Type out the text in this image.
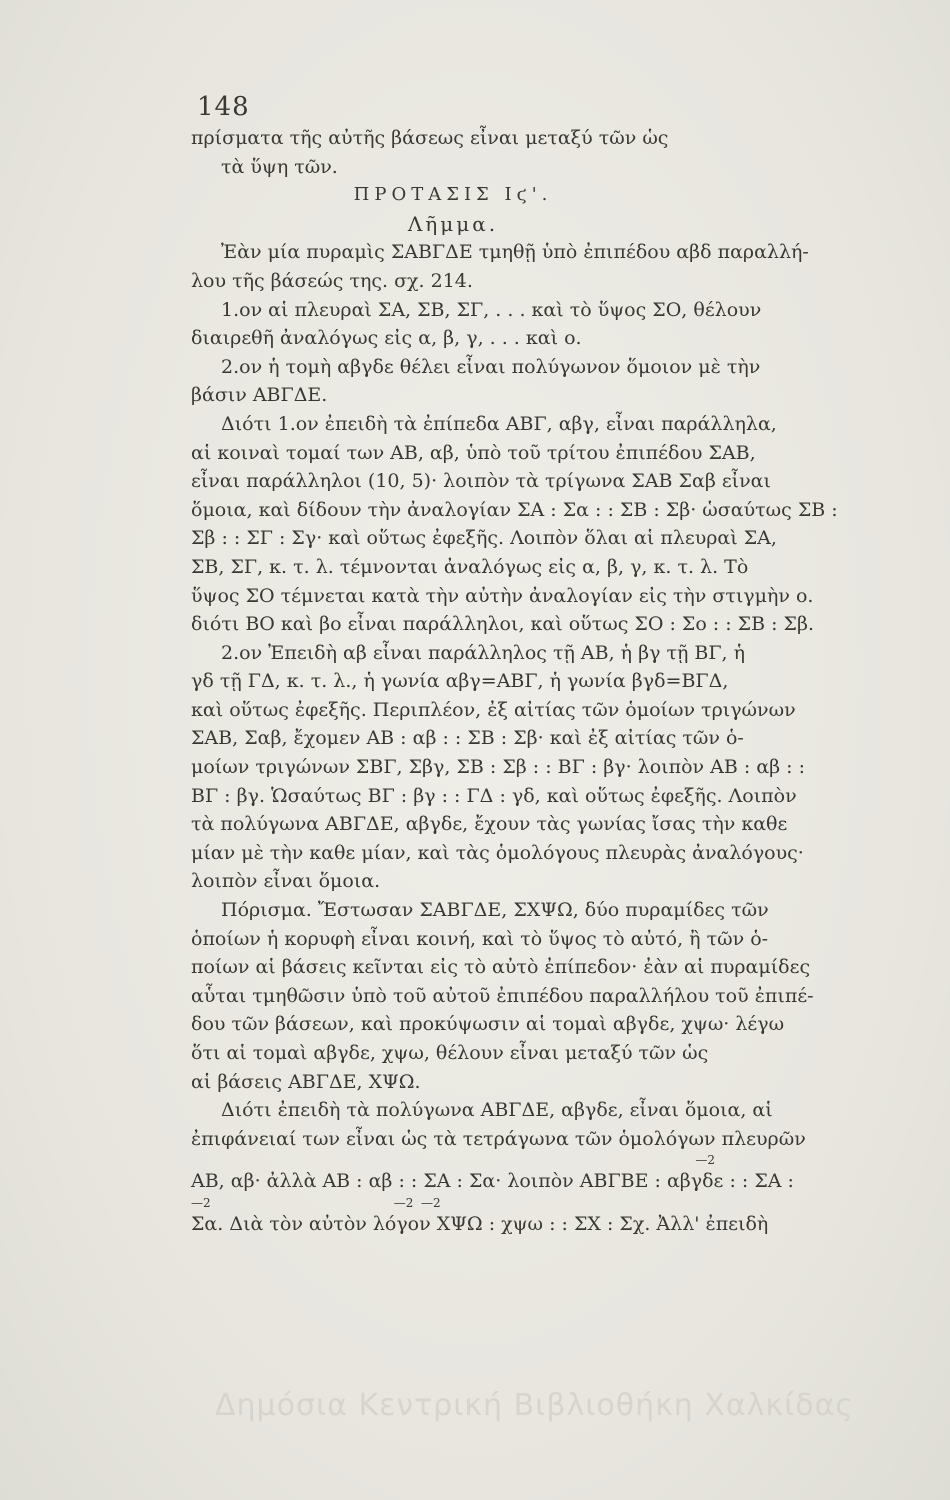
148
πρίσματα τῆς αὐτῆς βάσεως εἶναι μεταξύ τῶν ὡς
τὰ ὕψη τῶν.
ΠΡΟΤΑΣΙΣ Ιϛ'.
Λῆμμα.
Ἐὰν μία πυραμὶς ΣΑΒΓΔΕ τμηθῇ ὑπὸ ἐπιπέδου αβδ παραλλή-
λου τῆς βάσεώς της. σχ. 214.
1.ον αἱ πλευραὶ ΣΑ, ΣΒ, ΣΓ, . . . καὶ τὸ ὕψος ΣΟ, θέλουν
διαιρεθῆ ἀναλόγως εἰς α, β, γ, . . . καὶ ο.
2.ον ἡ τομὴ αβγδε θέλει εἶναι πολύγωνον ὅμοιον μὲ τὴν
βάσιν ΑΒΓΔΕ.
Διότι 1.ον ἐπειδὴ τὰ ἐπίπεδα ΑΒΓ, αβγ, εἶναι παράλληλα,
αἱ κοιναὶ τομαί των ΑΒ, αβ, ὑπὸ τοῦ τρίτου ἐπιπέδου ΣΑΒ,
εἶναι παράλληλοι (10, 5)· λοιπὸν τὰ τρίγωνα ΣΑΒ Σαβ εἶναι
ὅμοια, καὶ δίδουν τὴν ἀναλογίαν ΣΑ : Σα : : ΣΒ : Σβ· ὡσαύτως ΣΒ :
Σβ : : ΣΓ : Σγ· καὶ οὕτως ἐφεξῆς. Λοιπὸν ὅλαι αἱ πλευραὶ ΣΑ,
ΣΒ, ΣΓ, κ. τ. λ. τέμνονται ἀναλόγως εἰς α, β, γ, κ. τ. λ. Τὸ
ὕψος ΣΟ τέμνεται κατὰ τὴν αὐτὴν ἀναλογίαν εἰς τὴν στιγμὴν ο.
διότι ΒΟ καὶ βο εἶναι παράλληλοι, καὶ οὕτως ΣΟ : Σο : : ΣΒ : Σβ.
2.ον Ἐπειδὴ αβ εἶναι παράλληλος τῇ ΑΒ, ἡ βγ τῇ ΒΓ, ἡ
γδ τῇ ΓΔ, κ. τ. λ., ἡ γωνία αβγ=ΑΒΓ, ἡ γωνία βγδ=ΒΓΔ,
καὶ οὕτως ἐφεξῆς. Περιπλέον, ἐξ αἰτίας τῶν ὁμοίων τριγώνων
ΣΑΒ, Σαβ, ἔχομεν ΑΒ : αβ : : ΣΒ : Σβ· καὶ ἐξ αἰτίας τῶν ὁ-
μοίων τριγώνων ΣΒΓ, Σβγ, ΣΒ : Σβ : : ΒΓ : βγ· λοιπὸν ΑΒ : αβ : :
ΒΓ : βγ. Ὡσαύτως ΒΓ : βγ : : ΓΔ : γδ, καὶ οὕτως ἐφεξῆς. Λοιπὸν
τὰ πολύγωνα ΑΒΓΔΕ, αβγδε, ἔχουν τὰς γωνίας ἴσας τὴν καθε
μίαν μὲ τὴν καθε μίαν, καὶ τὰς ὁμολόγους πλευρὰς ἀναλόγους·
λοιπὸν εἶναι ὅμοια.
Πόρισμα. Ἔστωσαν ΣΑΒΓΔΕ, ΣΧΨΩ, δύο πυραμίδες τῶν
ὁποίων ἡ κορυφὴ εἶναι κοινή, καὶ τὸ ὕψος τὸ αὐτό, ἢ τῶν ὁ-
ποίων αἱ βάσεις κεῖνται εἰς τὸ αὐτὸ ἐπίπεδον· ἐὰν αἱ πυραμίδες
αὗται τμηθῶσιν ὑπὸ τοῦ αὐτοῦ ἐπιπέδου παραλλήλου τοῦ ἐπιπέ-
δου τῶν βάσεων, καὶ προκύψωσιν αἱ τομαὶ αβγδε, χψω· λέγω
ὅτι αἱ τομαὶ αβγδε, χψω, θέλουν εἶναι μεταξύ τῶν ὡς
αἱ βάσεις ΑΒΓΔΕ, ΧΨΩ.
Διότι ἐπειδὴ τὰ πολύγωνα ΑΒΓΔΕ, αβγδε, εἶναι ὅμοια, αἱ
ἐπιφάνειαί των εἶναι ὡς τὰ τετράγωνα τῶν ὁμολόγων πλευρῶν
—2
ΑΒ, αβ· ἀλλὰ ΑΒ : αβ : : ΣΑ : Σα· λοιπὸν ΑΒΓΒΕ : αβγδε : : ΣΑ :
—2                                                —2  —2
Σα. Διὰ τὸν αὐτὸν λόγον ΧΨΩ : χψω : : ΣΧ : Σχ. Ἀλλ' ἐπειδὴ
Δημόσια Κεντρική Βιβλιοθήκη Χαλκίδας
